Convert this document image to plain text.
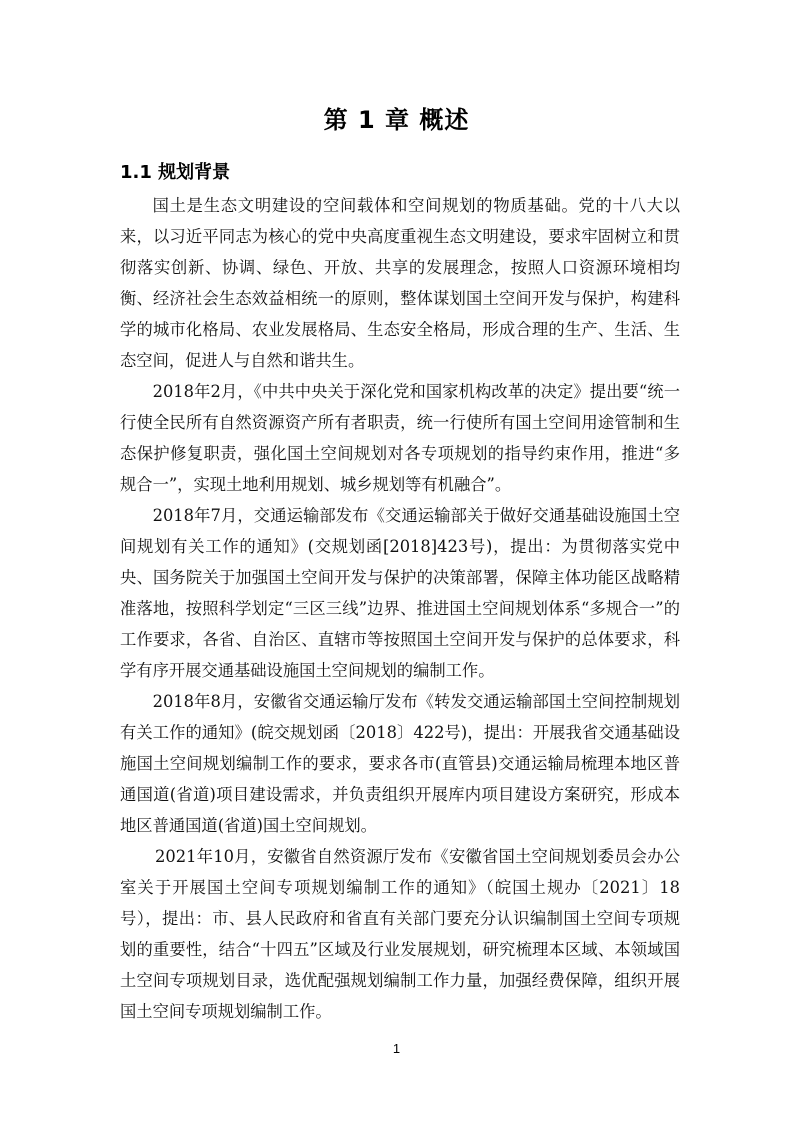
第 1 章 概述
1.1 规划背景

国土是生态文明建设的空间载体和空间规划的物质基础。党的十八大以来，以习近平同志为核心的党中央高度重视生态文明建设，要求牢固树立和贯彻落实创新、协调、绿色、开放、共享的发展理念，按照人口资源环境相均衡、经济社会生态效益相统一的原则，整体谋划国土空间开发与保护，构建科学的城市化格局、农业发展格局、生态安全格局，形成合理的生产、生活、生态空间，促进人与自然和谐共生。

2018年2月，《中共中央关于深化党和国家机构改革的决定》提出要“统一行使全民所有自然资源资产所有者职责，统一行使所有国土空间用途管制和生态保护修复职责，强化国土空间规划对各专项规划的指导约束作用，推进“多规合一”，实现土地利用规划、城乡规划等有机融合”。

2018年7月，交通运输部发布《交通运输部关于做好交通基础设施国土空间规划有关工作的通知》(交规划函[2018]423号)，提出：为贯彻落实党中央、国务院关于加强国土空间开发与保护的决策部署，保障主体功能区战略精准落地，按照科学划定“三区三线”边界、推进国土空间规划体系“多规合一”的工作要求，各省、自治区、直辖市等按照国土空间开发与保护的总体要求，科学有序开展交通基础设施国土空间规划的编制工作。

2018年8月，安徽省交通运输厅发布《转发交通运输部国土空间控制规划有关工作的通知》(皖交规划函〔2018〕422号)，提出：开展我省交通基础设施国土空间规划编制工作的要求，要求各市(直管县)交通运输局梳理本地区普通国道(省道)项目建设需求，并负责组织开展库内项目建设方案研究，形成本地区普通国道(省道)国土空间规划。

2021年10月，安徽省自然资源厅发布《安徽省国土空间规划委员会办公室关于开展国土空间专项规划编制工作的通知》（皖国土规办〔2021〕18号），提出：市、县人民政府和省直有关部门要充分认识编制国土空间专项规划的重要性，结合“十四五”区域及行业发展规划，研究梳理本区域、本领域国土空间专项规划目录，选优配强规划编制工作力量，加强经费保障，组织开展国土空间专项规划编制工作。

1
